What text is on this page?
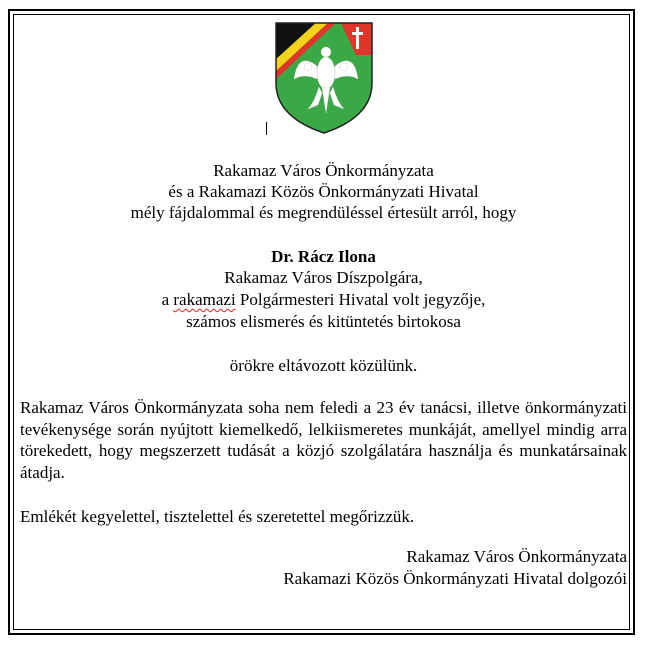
Rakamaz Város Önkormányzata

és a Rakamazi Közös Önkormányzati Hivatal

mély fájdalommal és megrendüléssel értesült arról, hogy

Dr. Rácz Ilona

Rakamaz Város Díszpolgára,

a rakamazi Polgármesteri Hivatal volt jegyzője,

számos elismerés és kitüntetés birtokosa

örökre eltávozott közülünk.

Rakamaz Város Önkormányzata soha nem feledi a 23 év tanácsi, illetve önkormányzati tevékenysége során nyújtott kiemelkedő, lelkiismeretes munkáját, amellyel mindig arra törekedett, hogy megszerzett tudását a közjó szolgálatára használja és munkatársainak átadja.

Emlékét kegyelettel, tisztelettel és szeretettel megőrizzük.

Rakamaz Város Önkormányzata

Rakamazi Közös Önkormányzati Hivatal dolgozói
